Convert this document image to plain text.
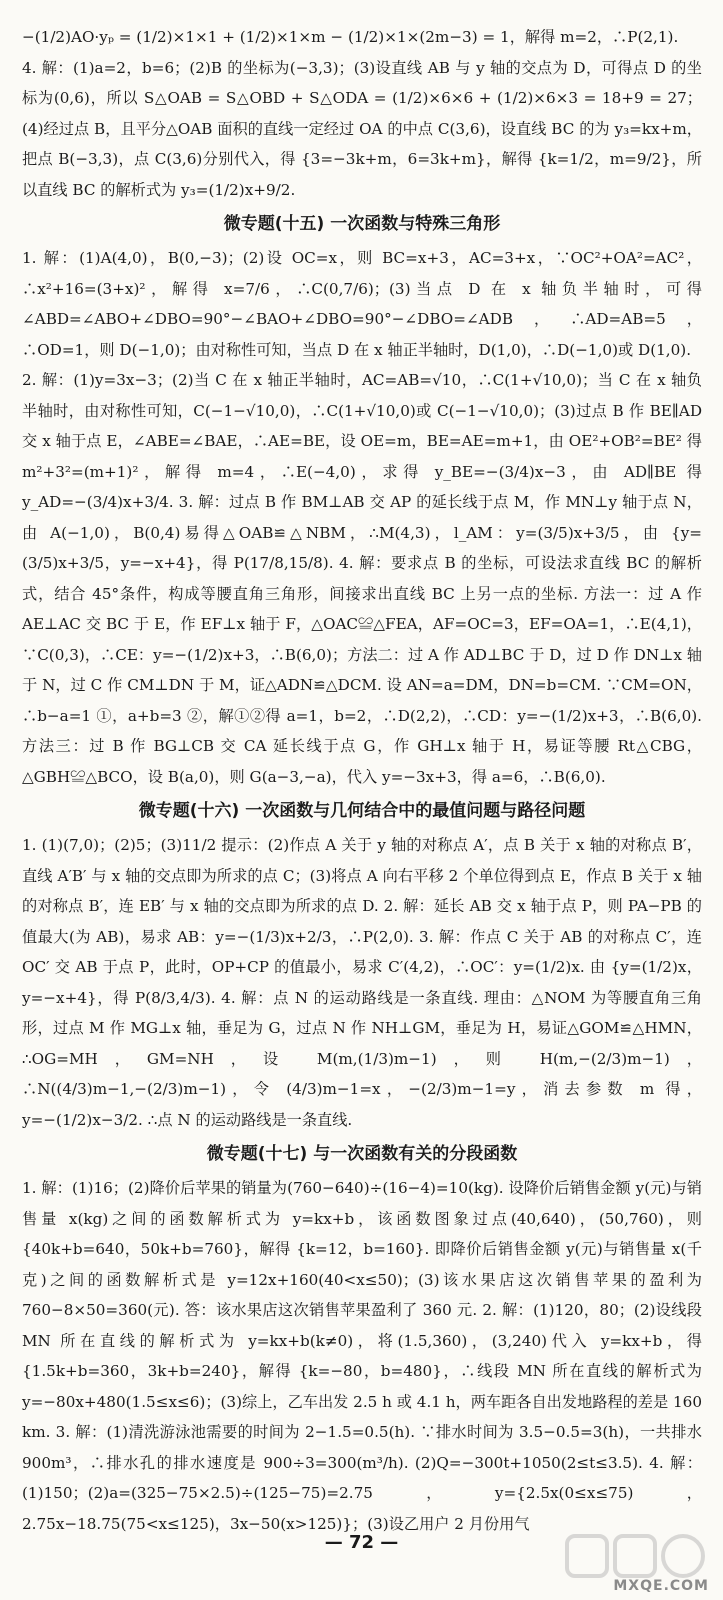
−(1/2)AO·yₚ = (1/2)×1×1 + (1/2)×1×m − (1/2)×1×(2m−3) = 1，解得 m=2，∴P(2,1).

4. 解：(1)a=2，b=6；(2)B 的坐标为(−3,3)；(3)设直线 AB 与 y 轴的交点为 D，可得点 D 的坐标为(0,6)，所以 S△OAB = S△OBD + S△ODA = (1/2)×6×6 + (1/2)×6×3 = 18+9 = 27；(4)经过点 B，且平分△OAB 面积的直线一定经过 OA 的中点 C(3,6)，设直线 BC 的为 y₃=kx+m，把点 B(−3,3)，点 C(3,6)分别代入，得 {3=−3k+m，6=3k+m}，解得 {k=1/2，m=9/2}，所以直线 BC 的解析式为 y₃=(1/2)x+9/2.

微专题(十五) 一次函数与特殊三角形

1. 解：(1)A(4,0)，B(0,−3)；(2)设 OC=x，则 BC=x+3，AC=3+x，∵OC²+OA²=AC²，∴x²+16=(3+x)²，解得 x=7/6，∴C(0,7/6)；(3)当点 D 在 x 轴负半轴时，可得∠ABD=∠ABO+∠DBO=90°−∠BAO+∠DBO=90°−∠DBO=∠ADB，∴AD=AB=5，∴OD=1，则 D(−1,0)；由对称性可知，当点 D 在 x 轴正半轴时，D(1,0)，∴D(−1,0)或 D(1,0).

2. 解：(1)y=3x−3；(2)当 C 在 x 轴正半轴时，AC=AB=√10，∴C(1+√10,0)；当 C 在 x 轴负半轴时，由对称性可知，C(−1−√10,0)，∴C(1+√10,0)或 C(−1−√10,0)；(3)过点 B 作 BE∥AD 交 x 轴于点 E，∠ABE=∠BAE，∴AE=BE，设 OE=m，BE=AE=m+1，由 OE²+OB²=BE² 得 m²+3²=(m+1)²，解得 m=4，∴E(−4,0)，求得 y_BE=−(3/4)x−3，由 AD∥BE 得 y_AD=−(3/4)x+3/4. 3. 解：过点 B 作 BM⊥AB 交 AP 的延长线于点 M，作 MN⊥y 轴于点 N，由 A(−1,0)，B(0,4)易得△OAB≌△NBM，∴M(4,3)，l_AM：y=(3/5)x+3/5，由 {y=(3/5)x+3/5，y=−x+4}，得 P(17/8,15/8). 4. 解：要求点 B 的坐标，可设法求直线 BC 的解析式，结合 45°条件，构成等腰直角三角形，间接求出直线 BC 上另一点的坐标. 方法一：过 A 作 AE⊥AC 交 BC 于 E，作 EF⊥x 轴于 F，△OAC≌△FEA，AF=OC=3，EF=OA=1，∴E(4,1)，∵C(0,3)，∴CE：y=−(1/2)x+3，∴B(6,0)；方法二：过 A 作 AD⊥BC 于 D，过 D 作 DN⊥x 轴于 N，过 C 作 CM⊥DN 于 M，证△ADN≌△DCM. 设 AN=a=DM，DN=b=CM. ∵CM=ON，∴b−a=1 ①，a+b=3 ②，解①②得 a=1，b=2，∴D(2,2)，∴CD：y=−(1/2)x+3，∴B(6,0). 方法三：过 B 作 BG⊥CB 交 CA 延长线于点 G，作 GH⊥x 轴于 H，易证等腰 Rt△CBG，△GBH≌△BCO，设 B(a,0)，则 G(a−3,−a)，代入 y=−3x+3，得 a=6，∴B(6,0).

微专题(十六) 一次函数与几何结合中的最值问题与路径问题

1. (1)(7,0)；(2)5；(3)11/2 提示：(2)作点 A 关于 y 轴的对称点 A′，点 B 关于 x 轴的对称点 B′，直线 A′B′ 与 x 轴的交点即为所求的点 C；(3)将点 A 向右平移 2 个单位得到点 E，作点 B 关于 x 轴的对称点 B′，连 EB′ 与 x 轴的交点即为所求的点 D. 2. 解：延长 AB 交 x 轴于点 P，则 PA−PB 的值最大(为 AB)，易求 AB：y=−(1/3)x+2/3，∴P(2,0). 3. 解：作点 C 关于 AB 的对称点 C′，连 OC′ 交 AB 于点 P，此时，OP+CP 的值最小，易求 C′(4,2)，∴OC′：y=(1/2)x. 由 {y=(1/2)x，y=−x+4}，得 P(8/3,4/3). 4. 解：点 N 的运动路线是一条直线. 理由：△NOM 为等腰直角三角形，过点 M 作 MG⊥x 轴，垂足为 G，过点 N 作 NH⊥GM，垂足为 H，易证△GOM≌△HMN，∴OG=MH，GM=NH，设 M(m,(1/3)m−1)，则 H(m,−(2/3)m−1)，∴N((4/3)m−1,−(2/3)m−1)，令 (4/3)m−1=x，−(2/3)m−1=y，消去参数 m 得，y=−(1/2)x−3/2. ∴点 N 的运动路线是一条直线.

微专题(十七) 与一次函数有关的分段函数

1. 解：(1)16；(2)降价后苹果的销量为(760−640)÷(16−4)=10(kg). 设降价后销售金额 y(元)与销售量 x(kg)之间的函数解析式为 y=kx+b，该函数图象过点(40,640)，(50,760)，则 {40k+b=640，50k+b=760}，解得 {k=12，b=160}. 即降价后销售金额 y(元)与销售量 x(千克)之间的函数解析式是 y=12x+160(40<x≤50)；(3)该水果店这次销售苹果的盈利为 760−8×50=360(元). 答：该水果店这次销售苹果盈利了 360 元. 2. 解：(1)120，80；(2)设线段 MN 所在直线的解析式为 y=kx+b(k≠0)，将(1.5,360)，(3,240)代入 y=kx+b，得 {1.5k+b=360，3k+b=240}，解得 {k=−80，b=480}，∴线段 MN 所在直线的解析式为 y=−80x+480(1.5≤x≤6)；(3)综上，乙车出发 2.5 h 或 4.1 h，两车距各自出发地路程的差是 160 km. 3. 解：(1)清洗游泳池需要的时间为 2−1.5=0.5(h). ∵排水时间为 3.5−0.5=3(h)，一共排水 900m³，∴排水孔的排水速度是 900÷3=300(m³/h). (2)Q=−300t+1050(2≤t≤3.5). 4. 解：(1)150；(2)a=(325−75×2.5)÷(125−75)=2.75，y={2.5x(0≤x≤75)，2.75x−18.75(75<x≤125)，3x−50(x>125)}；(3)设乙用户 2 月份用气

— 72 —
MXQE.COM
